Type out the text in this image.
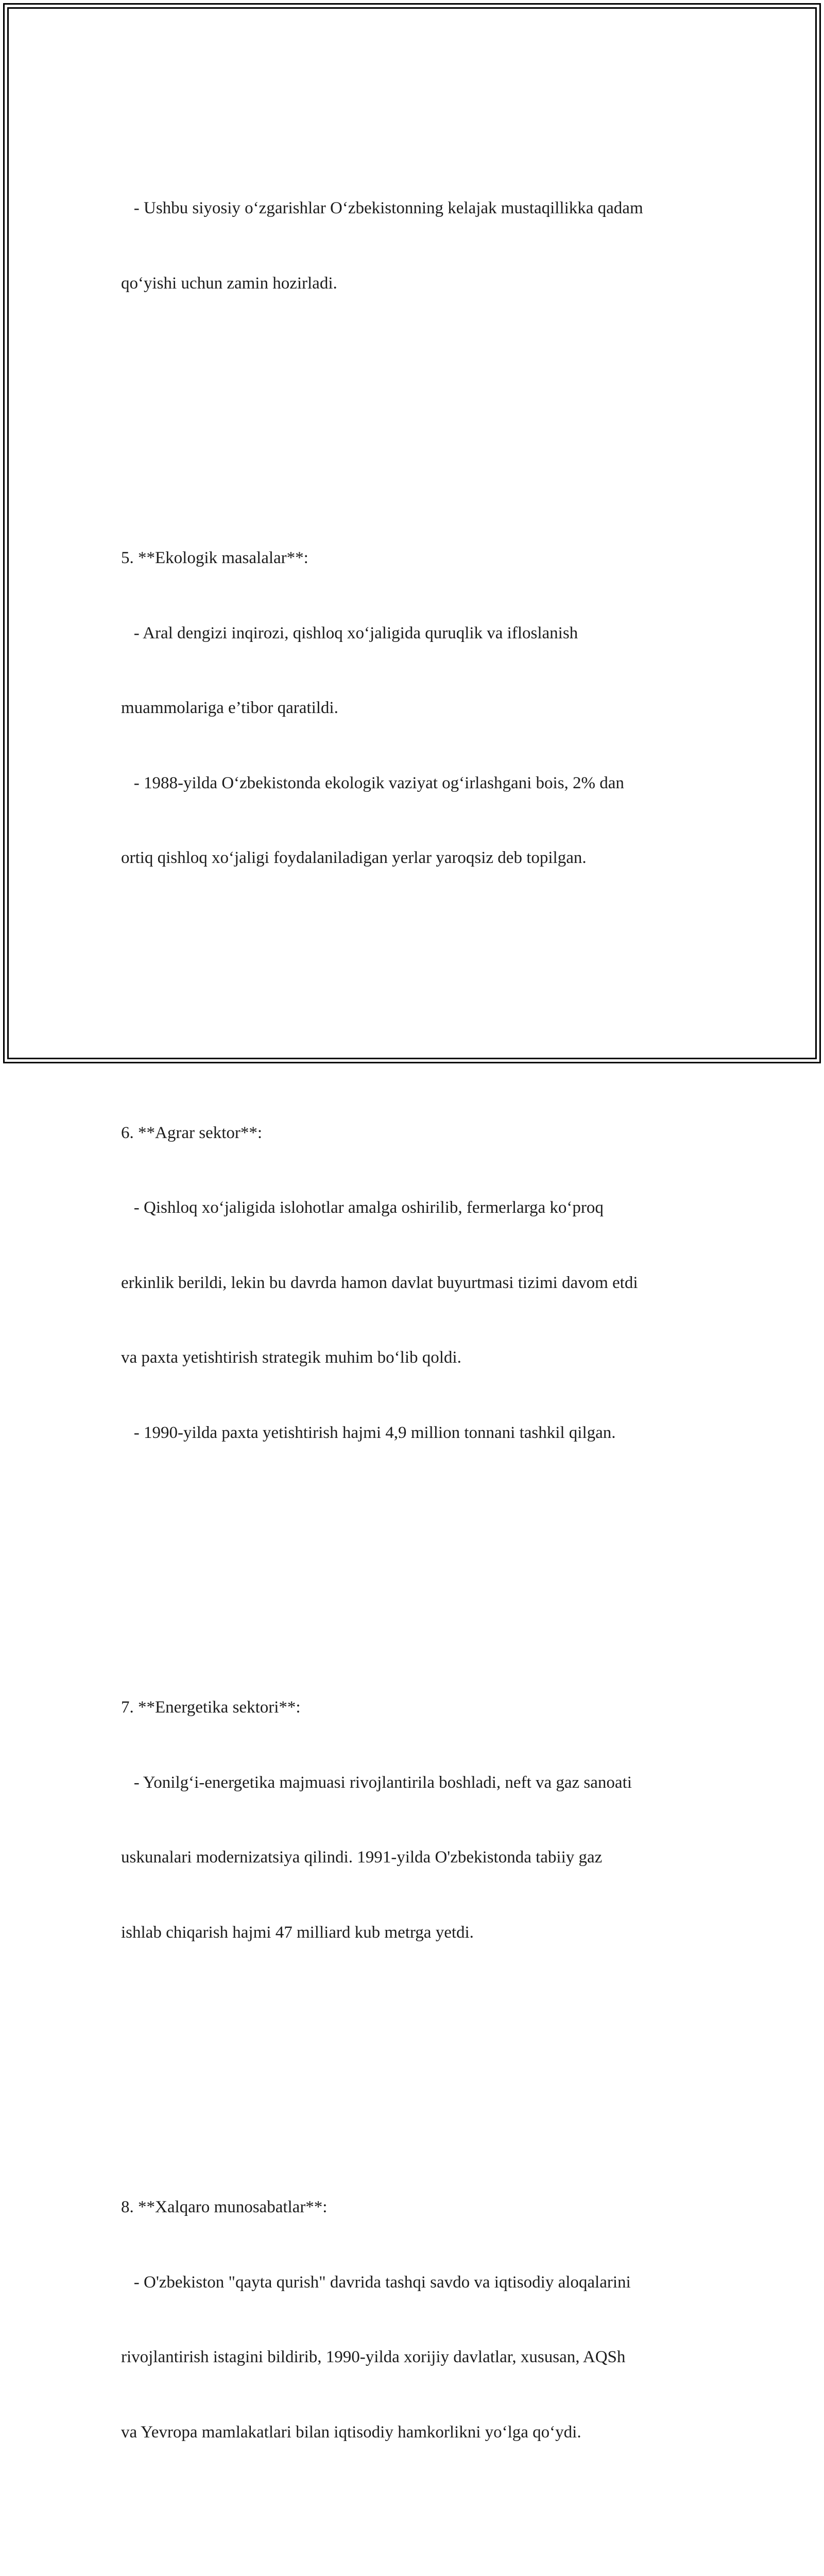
- Ushbu siyosiy o‘zgarishlar O‘zbekistonning kelajak mustaqillikka qadam

qo‘yishi uchun zamin hozirladi.

5. **Ekologik masalalar**:

- Aral dengizi inqirozi, qishloq xo‘jaligida quruqlik va ifloslanish

muammolariga e’tibor qaratildi.

- 1988-yilda O‘zbekistonda ekologik vaziyat og‘irlashgani bois, 2% dan

ortiq qishloq xo‘jaligi foydalaniladigan yerlar yaroqsiz deb topilgan.

6. **Agrar sektor**:

- Qishloq xo‘jaligida islohotlar amalga oshirilib, fermerlarga ko‘proq

erkinlik berildi, lekin bu davrda hamon davlat buyurtmasi tizimi davom etdi

va paxta yetishtirish strategik muhim bo‘lib qoldi.

- 1990-yilda paxta yetishtirish hajmi 4,9 million tonnani tashkil qilgan.

7. **Energetika sektori**:

- Yonilg‘i-energetika majmuasi rivojlantirila boshladi, neft va gaz sanoati

uskunalari modernizatsiya qilindi. 1991-yilda O'zbekistonda tabiiy gaz

ishlab chiqarish hajmi 47 milliard kub metrga yetdi.

8. **Xalqaro munosabatlar**:

- O'zbekiston "qayta qurish" davrida tashqi savdo va iqtisodiy aloqalarini

rivojlantirish istagini bildirib, 1990-yilda xorijiy davlatlar, xususan, AQSh

va Yevropa mamlakatlari bilan iqtisodiy hamkorlikni yo‘lga qo‘ydi.
